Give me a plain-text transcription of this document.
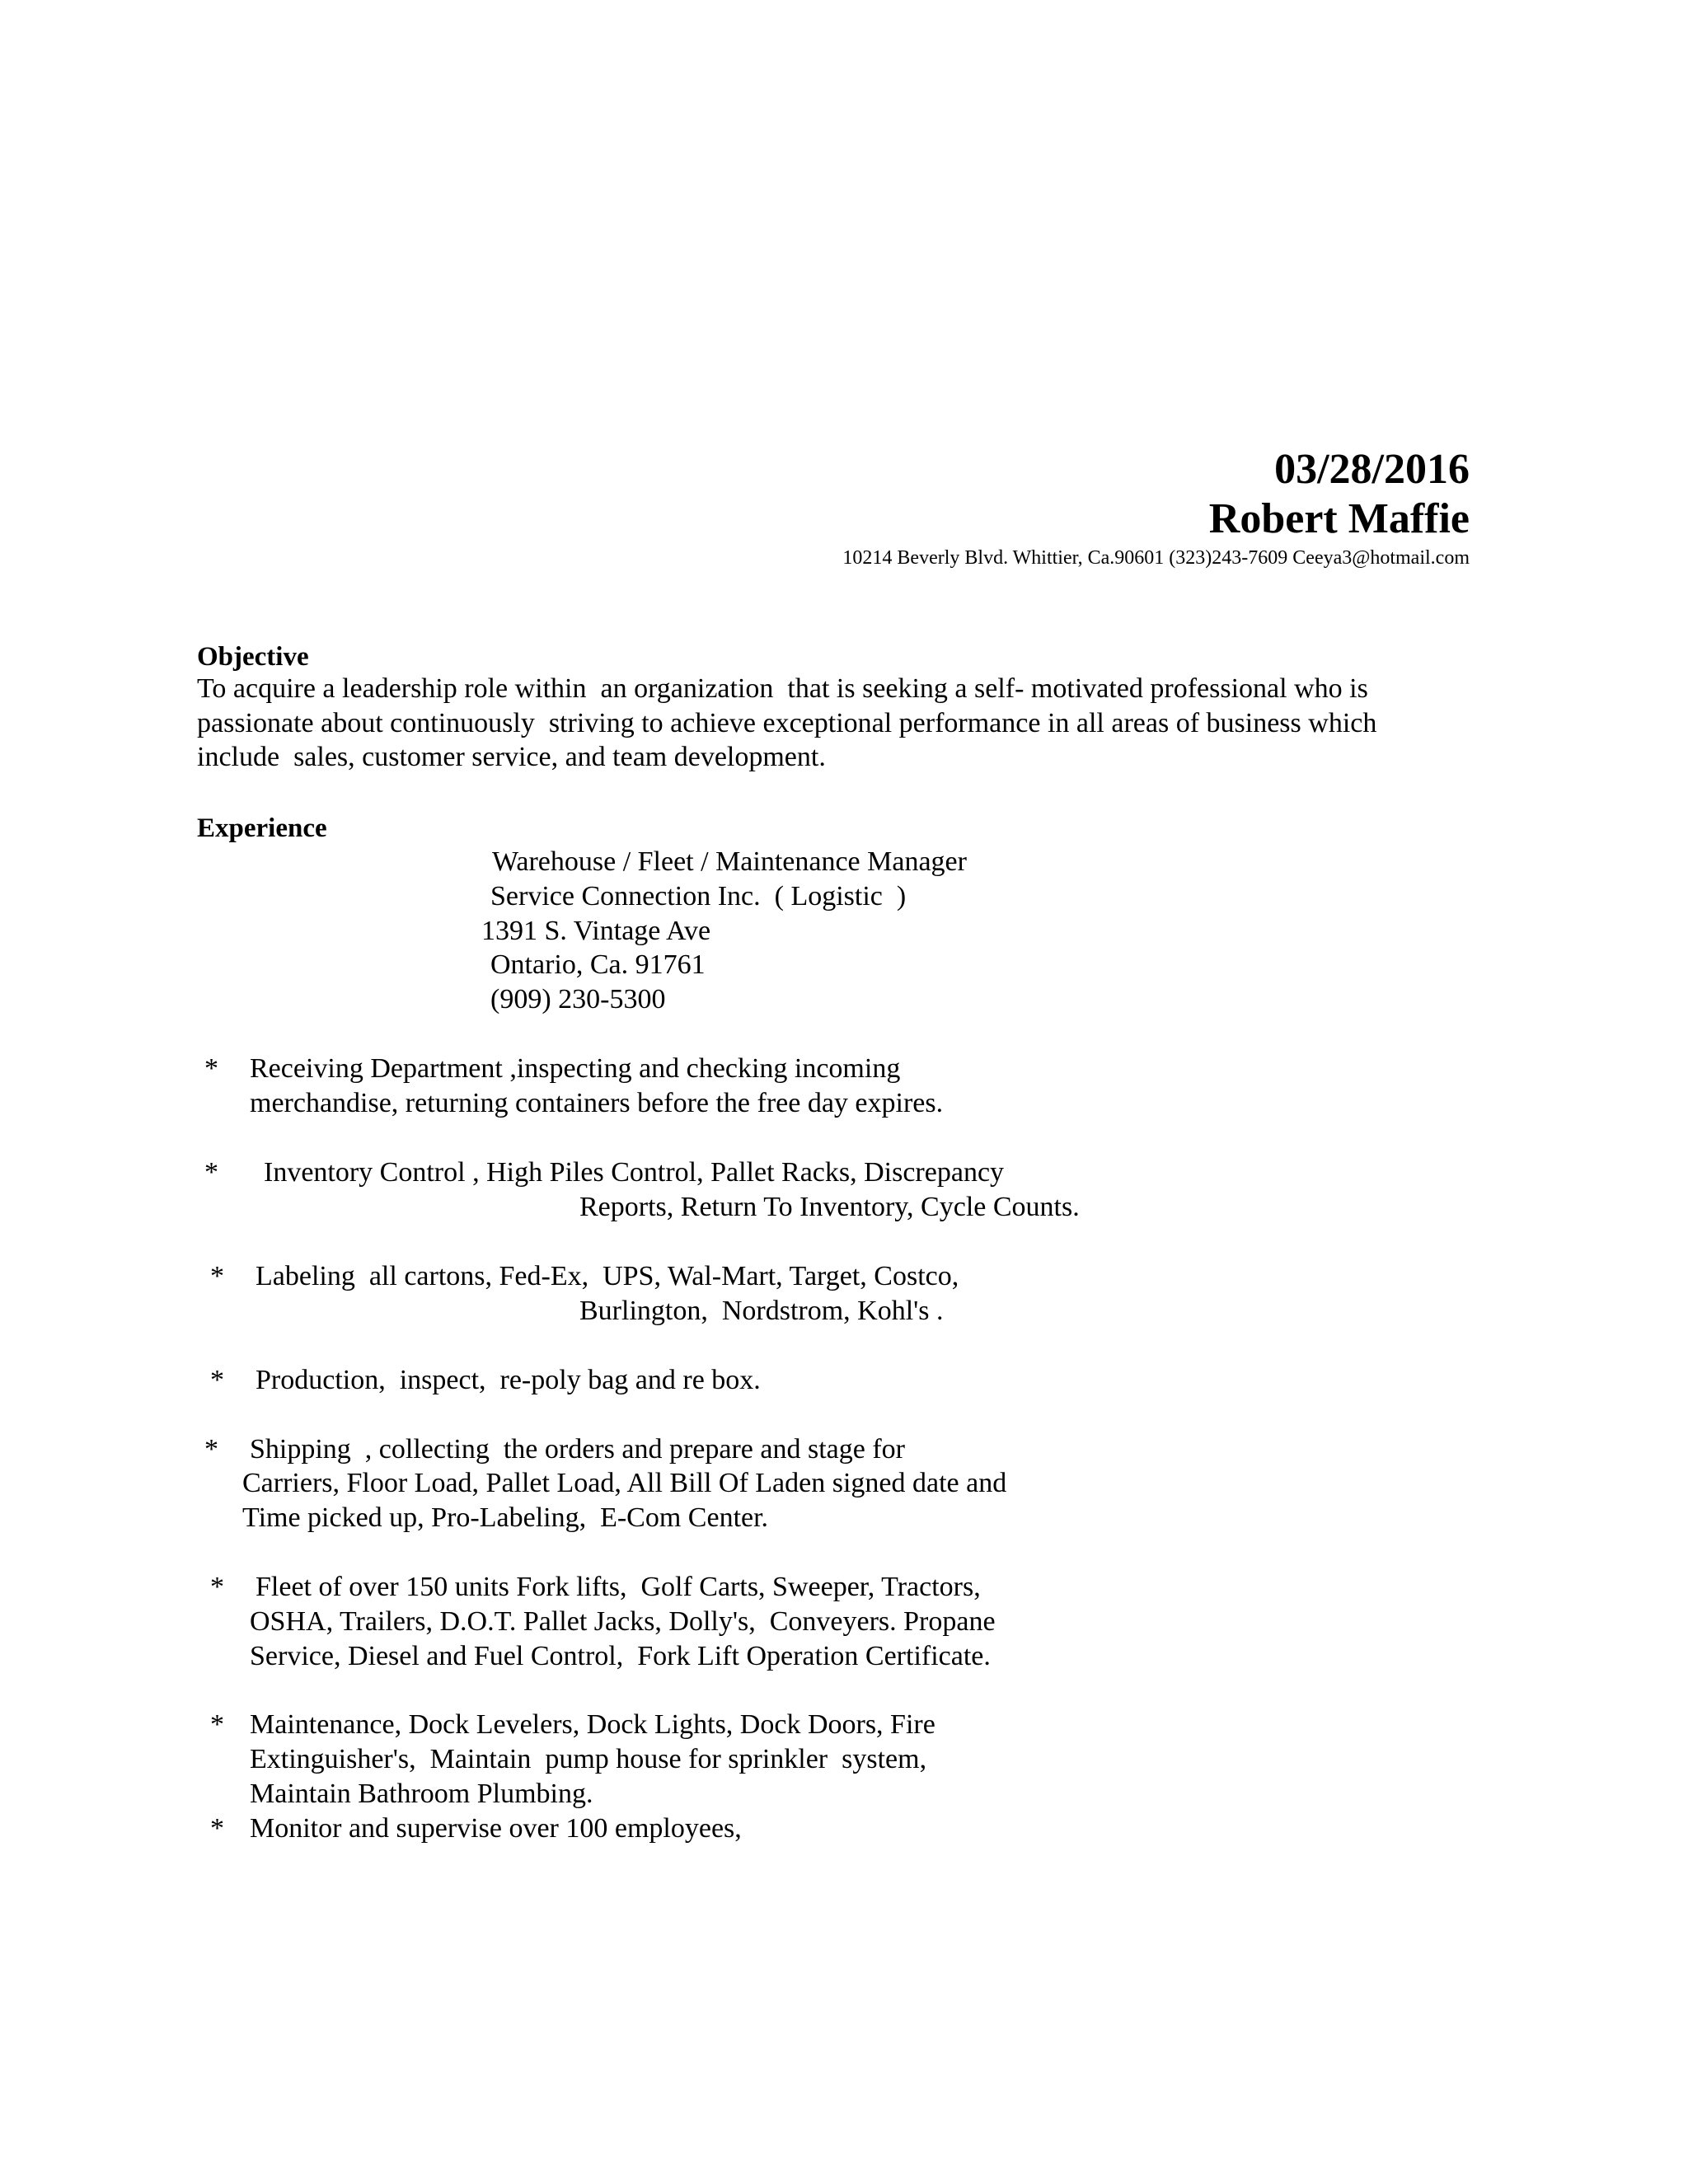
03/28/2016
Robert Maffie
10214 Beverly Blvd. Whittier, Ca.90601 (323)243-7609 Ceeya3@hotmail.com
Objective
To acquire a leadership role within  an organization  that is seeking a self- motivated professional who is
passionate about continuously  striving to achieve exceptional performance in all areas of business which
include  sales, customer service, and team development.
Experience
Warehouse / Fleet / Maintenance Manager
Service Connection Inc.  ( Logistic  )
1391 S. Vintage Ave
Ontario, Ca. 91761
(909) 230-5300
* Receiving Department ,inspecting and checking incoming
merchandise, returning containers before the free day expires.
* Inventory Control , High Piles Control, Pallet Racks, Discrepancy
Reports, Return To Inventory, Cycle Counts.
* Labeling  all cartons, Fed-Ex,  UPS, Wal-Mart, Target, Costco,
Burlington,  Nordstrom, Kohl's .
* Production,  inspect,  re-poly bag and re box.
* Shipping  , collecting  the orders and prepare and stage for
Carriers, Floor Load, Pallet Load, All Bill Of Laden signed date and
Time picked up, Pro-Labeling,  E-Com Center.
* Fleet of over 150 units Fork lifts,  Golf Carts, Sweeper, Tractors,
OSHA, Trailers, D.O.T. Pallet Jacks, Dolly's,  Conveyers. Propane
Service, Diesel and Fuel Control,  Fork Lift Operation Certificate.
* Maintenance, Dock Levelers, Dock Lights, Dock Doors, Fire
Extinguisher's,  Maintain  pump house for sprinkler  system,
Maintain Bathroom Plumbing.
* Monitor and supervise over 100 employees,
